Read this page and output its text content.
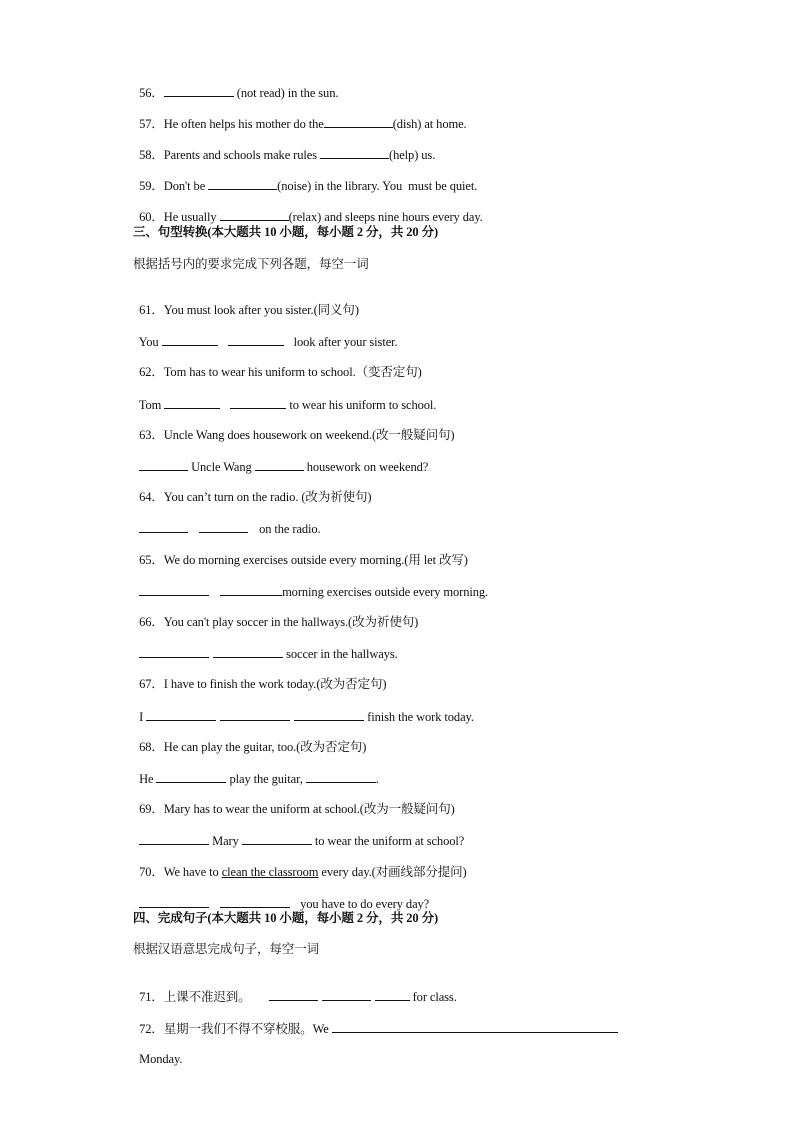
56．	(not read) in the sun.

57．He often helps his mother do the	(dish) at home.

58．Parents and schools make rules	(help) us.

59．Don't be	(noise) in the library. You  must be quiet.

60．He usually	(relax) and sleeps nine hours every day.

三、句型转换(本大题共 10 小题，每小题 2 分，共 20 分)
根据括号内的要求完成下列各题，每空一词

61．You must look after you sister.(同义句)

You	look after your sister.

62．Tom has to wear his uniform to school.（变否定句)

Tom	to wear his uniform to school.

63．Uncle Wang does housework on weekend.(改一般疑问句)

Uncle Wang	housework on weekend?

64．You can’t turn on the radio. (改为祈使句)

on the radio.

65．We do morning exercises outside every morning.(用 let 改写)

morning exercises outside every morning.

66．You can't play soccer in the hallways.(改为祈使句)

soccer in the hallways.

67．I have to finish the work today.(改为否定句)

I	finish the work today.

68．He can play the guitar, too.(改为否定句)

He	play the guitar,	.

69．Mary has to wear the uniform at school.(改为一般疑问句)

Mary	to wear the uniform at school?

70．We have to clean the classroom every day.(对画线部分提问)

you have to do every day?

四、完成句子(本大题共 10 小题，每小题 2 分，共 20 分)
根据汉语意思完成句子，每空一词

71．上课不准迟到。	for class.

72．星期一我们不得不穿校服。We

Monday.
